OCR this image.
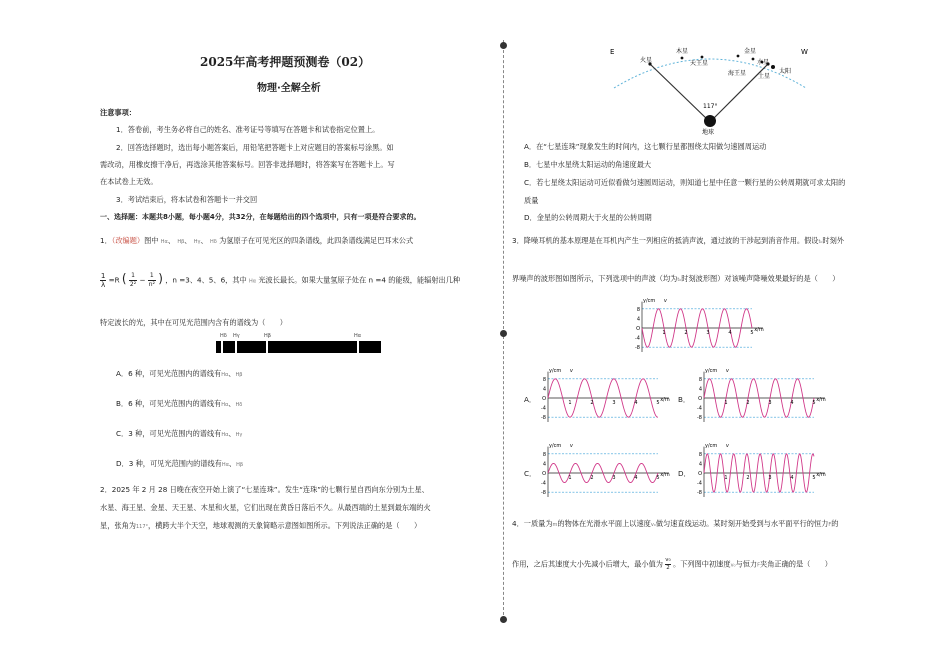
2025年高考押题预测卷（02）
物理·全解全析
注意事项：
1．答卷前，考生务必将自己的姓名、准考证号等填写在答题卡和试卷指定位置上。
2．回答选择题时，选出每小题答案后，用铅笔把答题卡上对应题目的答案标号涂黑。如
需改动，用橡皮擦干净后，再选涂其他答案标号。回答非选择题时，将答案写在答题卡上。写
在本试卷上无效。
3．考试结束后，将本试卷和答题卡一并交回
一、选择题：本题共8小题，每小题4分，共32分，在每题给出的四个选项中，只有一项是符合要求的。
1．（改编题）图中 Hα、 Hβ、 Hγ、 Hδ 为氢原子在可见光区的四条谱线，此四条谱线满足巴耳末公式
1
λ =R ( $\frac{1}{\text{2²}} - \frac{1}{\text{n²}}$ ) ，n =3、4、5、6，其中 Hα 光波长最长。如果大量氢原子处在 n =4 的能级，能辐射出几种
特定波长的光，其中在可见光范围内含有的谱线为（　　）
Hδ Hγ	Hβ	Hα
A．6 种，可见光范围内的谱线有Hα、Hβ
B．6 种，可见光范围内的谱线有Hα、Hδ
C．3 种，可见光范围内的谱线有Hα、Hγ
D．3 种，可见光范围内的谱线有Hα、Hβ
2．2025 年 2 月 28 日晚在夜空开始上演了“七星连珠”。发生“连珠”的七颗行星自西向东分别为土星、
水星、海王星、金星、天王星、木星和火星，它们出现在黄昏日落后不久。从最西端的土星到最东端的火
星，张角为117°，横跨大半个天空，地球观测的天象简略示意图如图所示。下列说法正确的是（　　）
E	W
木星
火星	天王星
金星
水星
海王星 土星
太阳
117°
地球
A．在“七星连珠”现象发生的时间内，这七颗行星都围绕太阳做匀速圆周运动
B．七星中水星绕太阳运动的角速度最大
C．若七星绕太阳运动可近似看做匀速圆周运动，则知道七星中任意一颗行星的公转周期就可求太阳的
质量
D．金星的公转周期大于火星的公转周期
3．降噪耳机的基本原理是在耳机内产生一列相应的抵消声波，通过波的干涉起到消音作用。假设t₀时刻外
界噪声的波形图如图所示，下列选项中的声波（均为t₀时刻波形图）对该噪声降噪效果最好的是（　　）
8
4
O
-4
-8
1	2	3	4	5
y/cm v
x/m
A．
8
4
O
-4
-8
1	2	3	4	5
y/cm v
x/m B．
8
4
O
-4
-8
1	2	3	4	5
y/cm v
x/m
C．
8
4
O
-4
-8
1	2	3	4	5
y/cm v
x/m D．
8
4
O
-4
-8
1	2	3	4	5
y/cm v
x/m
4．一质量为m的物体在光滑水平面上以速度v₀做匀速直线运动。某时刻开始受到与水平面平行的恒力F的
作用，之后其速度大小先减小后增大，最小值为 $\frac{\text{v₀}}{2}$ 。下列图中初速度v₀与恒力F夹角正确的是（　　）
